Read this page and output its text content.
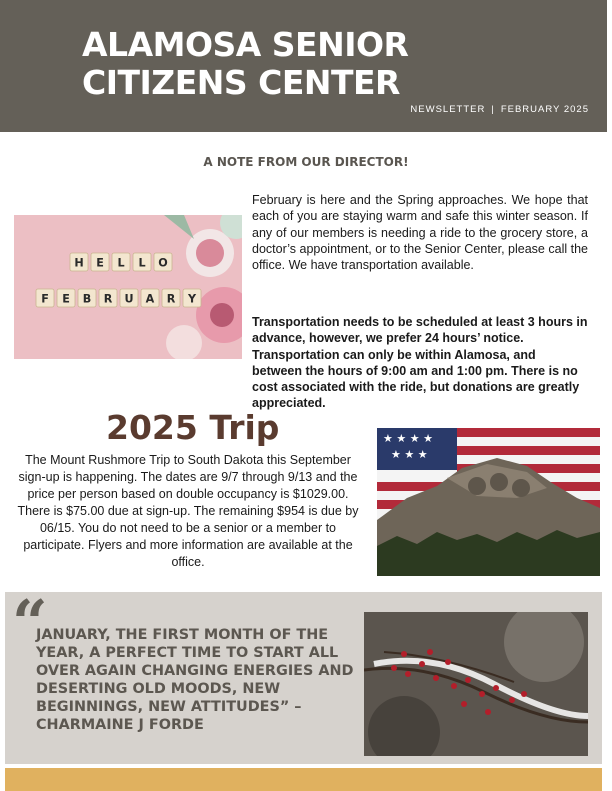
ALAMOSA SENIOR CITIZENS CENTER
NEWSLETTER | FEBRUARY 2025
A NOTE FROM OUR DIRECTOR!
H E L L O
F E B R U A R Y
February is here and the Spring approaches. We hope that each of you are staying warm and safe this winter season. If any of our members is needing a ride to the grocery store, a doctor’s appointment, or to the Senior Center, please call the office. We have transportation available.
Transportation needs to be scheduled at least 3 hours in advance, however, we prefer 24 hours’ notice. Transportation can only be within Alamosa, and between the hours of 9:00 am and 1:00 pm. There is no cost associated with the ride, but donations are greatly appreciated.
2025 Trip
The Mount Rushmore Trip to South Dakota this September sign-up is happening. The dates are 9/7 through 9/13 and the price per person based on double occupancy is $1029.00. There is $75.00 due at sign-up. The remaining $954 is due by 06/15. You do not need to be a senior or a member to participate. Flyers and more information are available at the office.
★ ★ ★ ★
★ ★ ★
“
JANUARY, THE FIRST MONTH OF THE YEAR, A PERFECT TIME TO START ALL OVER AGAIN CHANGING ENERGIES AND DESERTING OLD MOODS, NEW BEGINNINGS, NEW ATTITUDES” – CHARMAINE J FORDE
